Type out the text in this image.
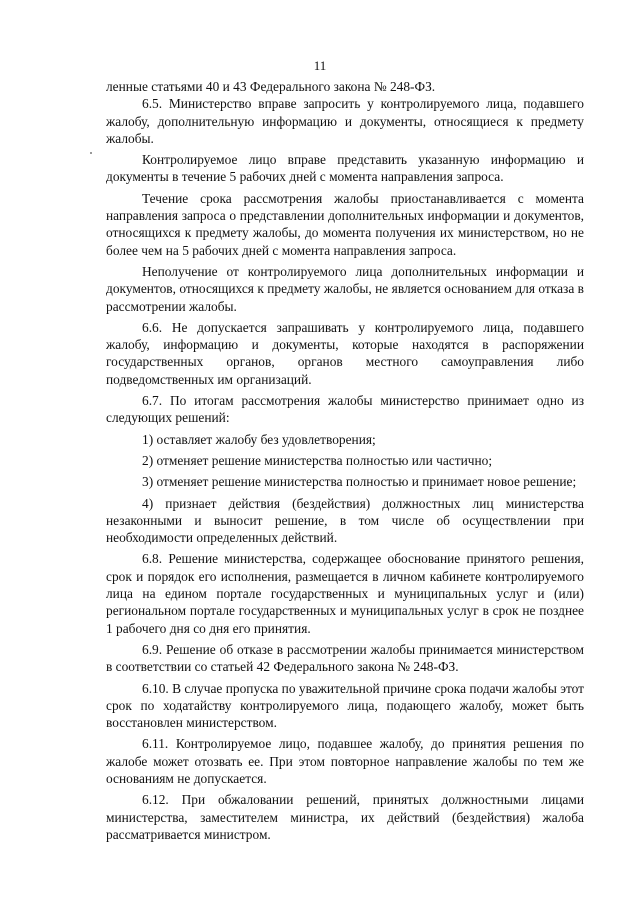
11

ленные статьями 40 и 43 Федерального закона № 248-ФЗ.

6.5. Министерство вправе запросить у контролируемого лица, подавшего жалобу, дополнительную информацию и документы, относящиеся к предмету жалобы.

Контролируемое лицо вправе представить указанную информацию и документы в течение 5 рабочих дней с момента направления запроса.

Течение срока рассмотрения жалобы приостанавливается с момента направления запроса о представлении дополнительных информации и документов, относящихся к предмету жалобы, до момента получения их министерством, но не более чем на 5 рабочих дней с момента направления запроса.

Неполучение от контролируемого лица дополнительных информации и документов, относящихся к предмету жалобы, не является основанием для отказа в рассмотрении жалобы.

6.6. Не допускается запрашивать у контролируемого лица, подавшего жалобу, информацию и документы, которые находятся в распоряжении государственных органов, органов местного самоуправления либо подведомственных им организаций.

6.7. По итогам рассмотрения жалобы министерство принимает одно из следующих решений:

1) оставляет жалобу без удовлетворения;

2) отменяет решение министерства полностью или частично;

3) отменяет решение министерства полностью и принимает новое решение;

4) признает действия (бездействия) должностных лиц министерства незаконными и выносит решение, в том числе об осуществлении при необходимости определенных действий.

6.8. Решение министерства, содержащее обоснование принятого решения, срок и порядок его исполнения, размещается в личном кабинете контролируемого лица на едином портале государственных и муниципальных услуг и (или) региональном портале государственных и муниципальных услуг в срок не позднее 1 рабочего дня со дня его принятия.

6.9. Решение об отказе в рассмотрении жалобы принимается министерством в соответствии со статьей 42 Федерального закона № 248-ФЗ.

6.10. В случае пропуска по уважительной причине срока подачи жалобы этот срок по ходатайству контролируемого лица, подающего жалобу, может быть восстановлен министерством.

6.11. Контролируемое лицо, подавшее жалобу, до принятия решения по жалобе может отозвать ее. При этом повторное направление жалобы по тем же основаниям не допускается.

6.12. При обжаловании решений, принятых должностными лицами министерства, заместителем министра, их действий (бездействия) жалоба рассматривается министром.
